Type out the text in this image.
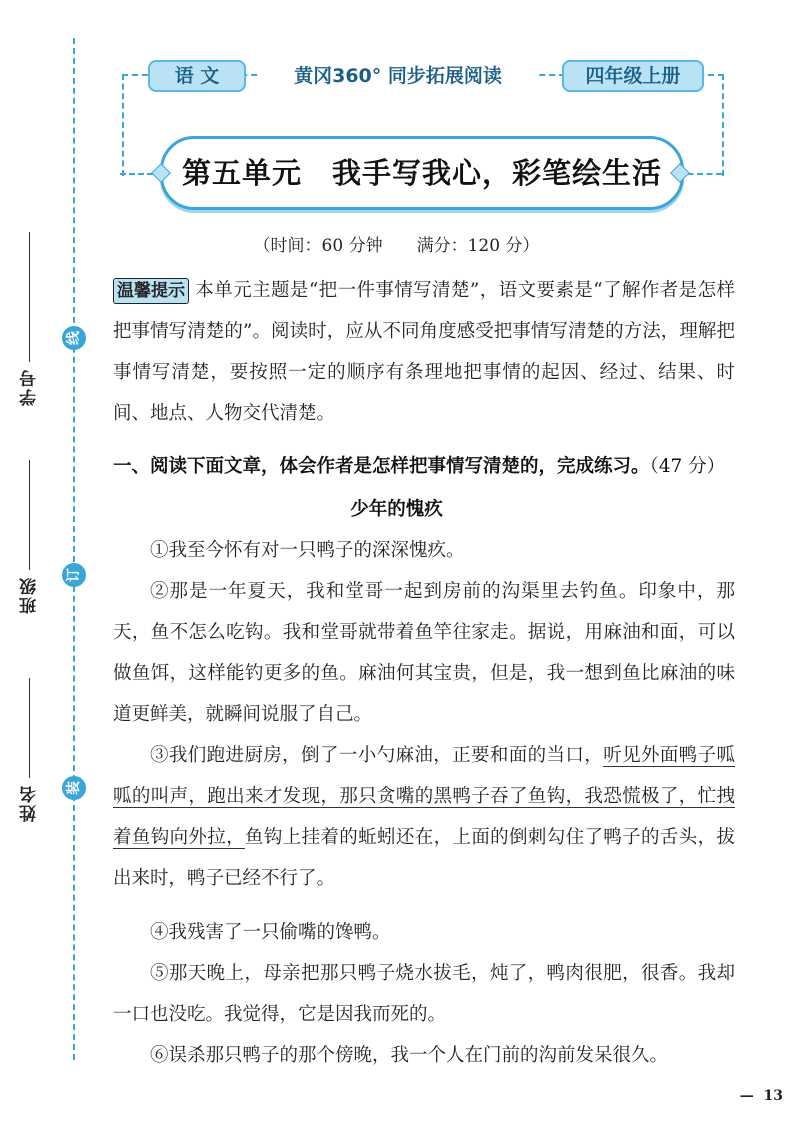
线
订
装
学号
班级
姓名
语 文	黄冈360° 同步拓展阅读	四年级上册
第五单元　我手写我心，彩笔绘生活
（时间：60 分钟　　满分：120 分）
温馨提示 本单元主题是“把一件事情写清楚”，语文要素是“了解作者是怎样把事情写清楚的”。阅读时，应从不同角度感受把事情写清楚的方法，理解把事情写清楚，要按照一定的顺序有条理地把事情的起因、经过、结果、时间、地点、人物交代清楚。
一、阅读下面文章，体会作者是怎样把事情写清楚的，完成练习。（47 分）
少年的愧疚
①我至今怀有对一只鸭子的深深愧疚。
②那是一年夏天，我和堂哥一起到房前的沟渠里去钓鱼。印象中，那天，鱼不怎么吃钩。我和堂哥就带着鱼竿往家走。据说，用麻油和面，可以做鱼饵，这样能钓更多的鱼。麻油何其宝贵，但是，我一想到鱼比麻油的味道更鲜美，就瞬间说服了自己。
③我们跑进厨房，倒了一小勺麻油，正要和面的当口，听见外面鸭子呱呱的叫声，跑出来才发现，那只贪嘴的黑鸭子吞了鱼钩，我恐慌极了，忙拽着鱼钩向外拉，鱼钩上挂着的蚯蚓还在，上面的倒刺勾住了鸭子的舌头，拔出来时，鸭子已经不行了。
④我残害了一只偷嘴的馋鸭。
⑤那天晚上，母亲把那只鸭子烧水拔毛，炖了，鸭肉很肥，很香。我却一口也没吃。我觉得，它是因我而死的。
⑥误杀那只鸭子的那个傍晚，我一个人在门前的沟前发呆很久。
— 13
